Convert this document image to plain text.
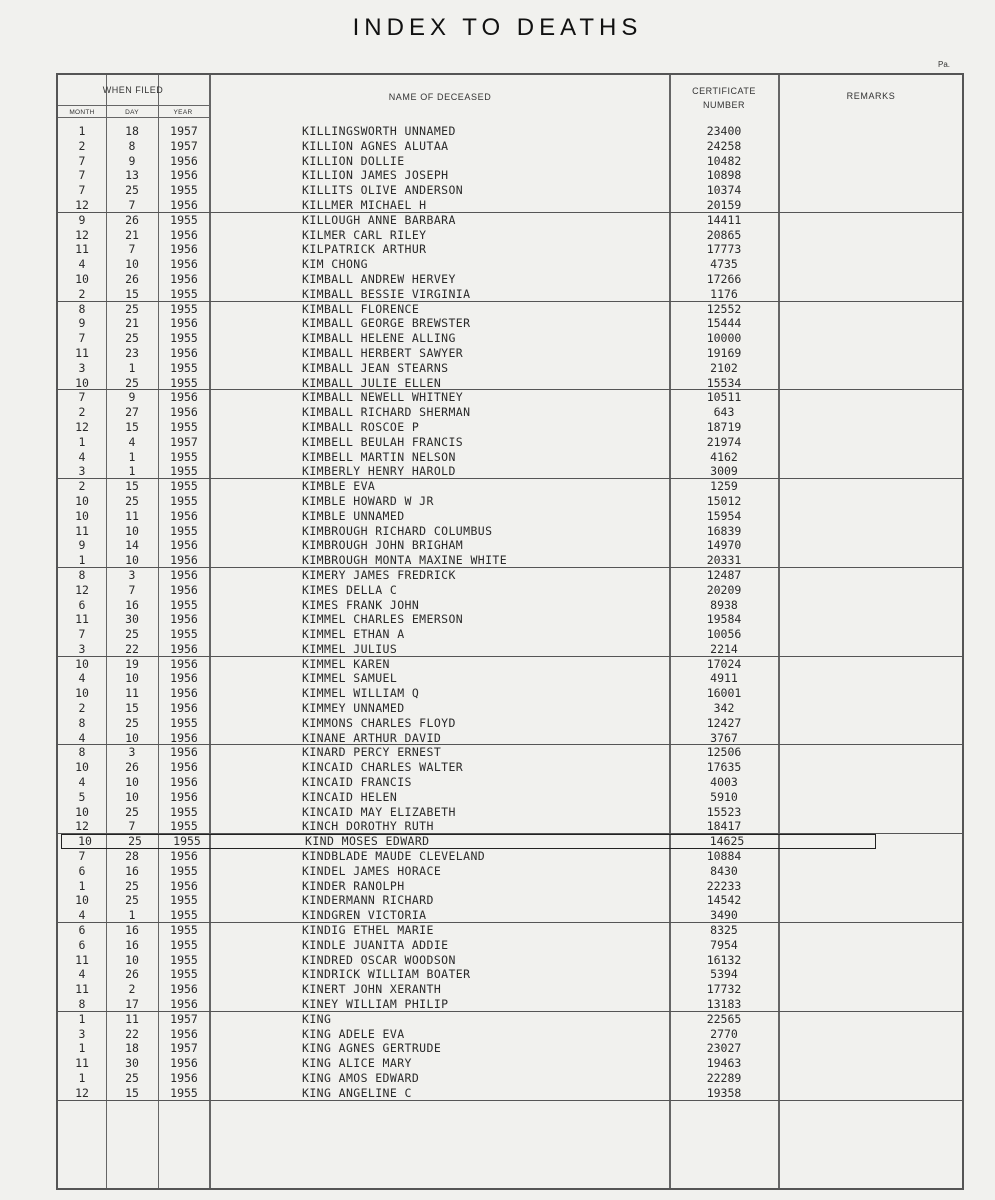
INDEX TO DEATHS
Pa.
WHEN FILED
MONTH	DAY	YEAR
NAME OF DECEASED
CERTIFICATE
NUMBER
REMARKS
1	18	1957	KILLINGSWORTH UNNAMED	23400
2	8	1957	KILLION AGNES ALUTAA	24258
7	9	1956	KILLION DOLLIE	10482
7	13	1956	KILLION JAMES JOSEPH	10898
7	25	1955	KILLITS OLIVE ANDERSON	10374
12	7	1956	KILLMER MICHAEL H	20159
9	26	1955	KILLOUGH ANNE BARBARA	14411
12	21	1956	KILMER CARL RILEY	20865
11	7	1956	KILPATRICK ARTHUR	17773
4	10	1956	KIM CHONG	4735
10	26	1956	KIMBALL ANDREW HERVEY	17266
2	15	1955	KIMBALL BESSIE VIRGINIA	1176
8	25	1955	KIMBALL FLORENCE	12552
9	21	1956	KIMBALL GEORGE BREWSTER	15444
7	25	1955	KIMBALL HELENE ALLING	10000
11	23	1956	KIMBALL HERBERT SAWYER	19169
3	1	1955	KIMBALL JEAN STEARNS	2102
10	25	1955	KIMBALL JULIE ELLEN	15534
7	9	1956	KIMBALL NEWELL WHITNEY	10511
2	27	1956	KIMBALL RICHARD SHERMAN	643
12	15	1955	KIMBALL ROSCOE P	18719
1	4	1957	KIMBELL BEULAH FRANCIS	21974
4	1	1955	KIMBELL MARTIN NELSON	4162
3	1	1955	KIMBERLY HENRY HAROLD	3009
2	15	1955	KIMBLE EVA	1259
10	25	1955	KIMBLE HOWARD W JR	15012
10	11	1956	KIMBLE UNNAMED	15954
11	10	1955	KIMBROUGH RICHARD COLUMBUS	16839
9	14	1956	KIMBROUGH JOHN BRIGHAM	14970
1	10	1956	KIMBROUGH MONTA MAXINE WHITE	20331
8	3	1956	KIMERY JAMES FREDRICK	12487
12	7	1956	KIMES DELLA C	20209
6	16	1955	KIMES FRANK JOHN	8938
11	30	1956	KIMMEL CHARLES EMERSON	19584
7	25	1955	KIMMEL ETHAN A	10056
3	22	1956	KIMMEL JULIUS	2214
10	19	1956	KIMMEL KAREN	17024
4	10	1956	KIMMEL SAMUEL	4911
10	11	1956	KIMMEL WILLIAM Q	16001
2	15	1956	KIMMEY UNNAMED	342
8	25	1955	KIMMONS CHARLES FLOYD	12427
4	10	1956	KINANE ARTHUR DAVID	3767
8	3	1956	KINARD PERCY ERNEST	12506
10	26	1956	KINCAID CHARLES WALTER	17635
4	10	1956	KINCAID FRANCIS	4003
5	10	1956	KINCAID HELEN	5910
10	25	1955	KINCAID MAY ELIZABETH	15523
12	7	1955	KINCH DOROTHY RUTH	18417
10	25	1955	KIND MOSES EDWARD	14625
7	28	1956	KINDBLADE MAUDE CLEVELAND	10884
6	16	1955	KINDEL JAMES HORACE	8430
1	25	1956	KINDER RANOLPH	22233
10	25	1955	KINDERMANN RICHARD	14542
4	1	1955	KINDGREN VICTORIA	3490
6	16	1955	KINDIG ETHEL MARIE	8325
6	16	1955	KINDLE JUANITA ADDIE	7954
11	10	1955	KINDRED OSCAR WOODSON	16132
4	26	1955	KINDRICK WILLIAM BOATER	5394
11	2	1956	KINERT JOHN XERANTH	17732
8	17	1956	KINEY WILLIAM PHILIP	13183
1	11	1957	KING	22565
3	22	1956	KING ADELE EVA	2770
1	18	1957	KING AGNES GERTRUDE	23027
11	30	1956	KING ALICE MARY	19463
1	25	1956	KING AMOS EDWARD	22289
12	15	1955	KING ANGELINE C	19358
